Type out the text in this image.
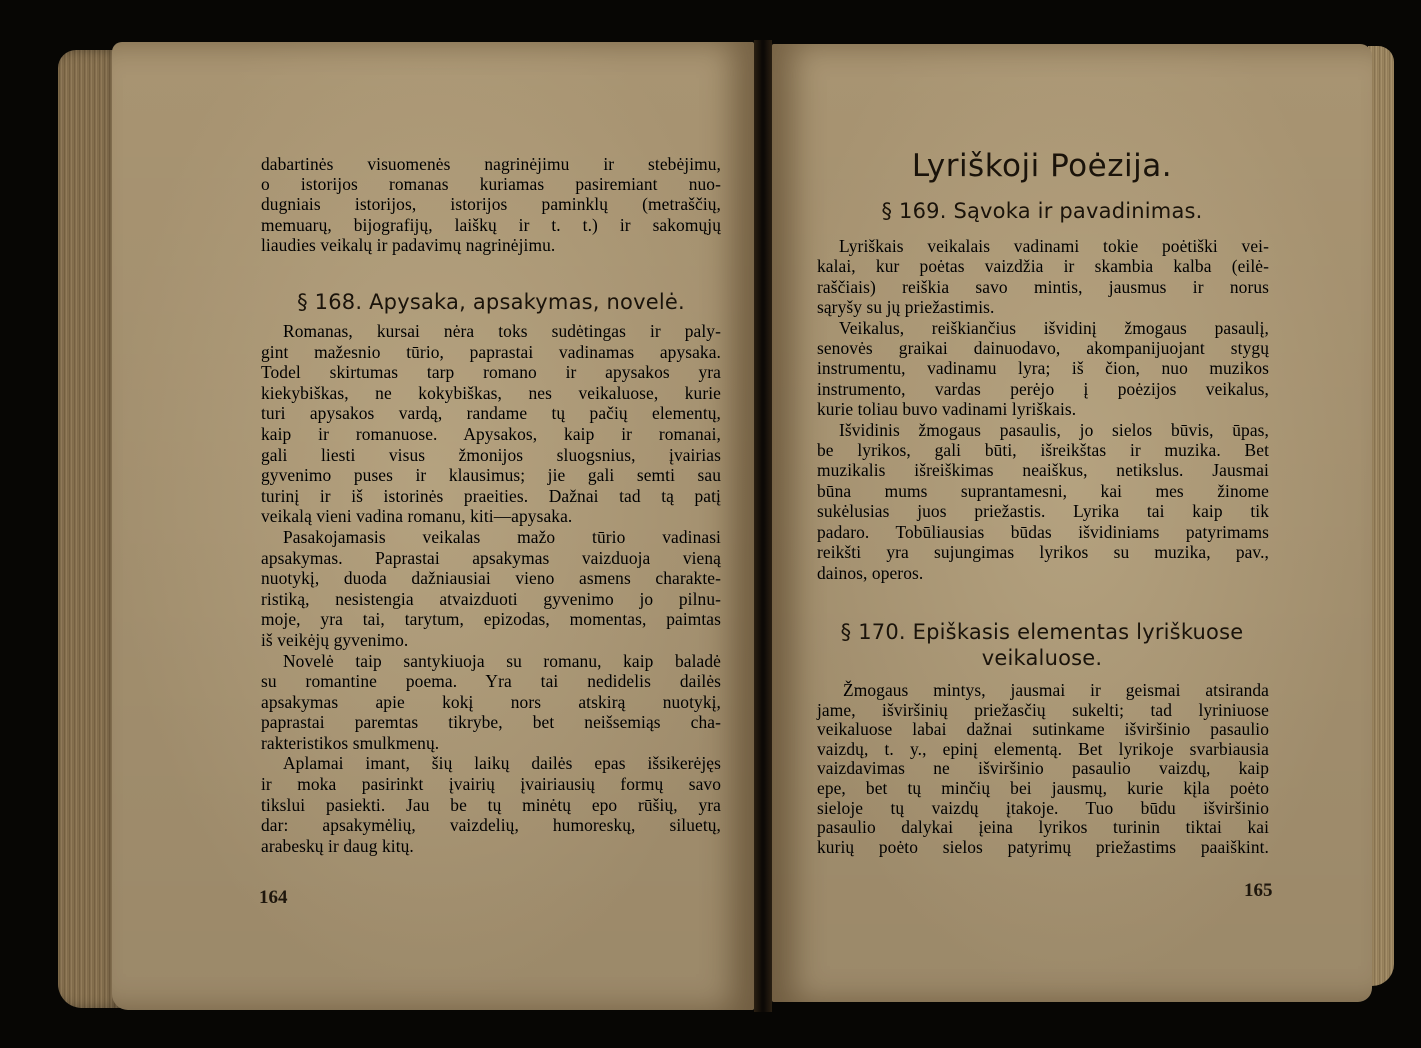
dabartinės visuomenės nagrinėjimu ir stebėjimu,
o istorijos romanas kuriamas pasiremiant nuo-
dugniais istorijos, istorijos paminklų (metraščių,
memuarų, bijografijų, laiškų ir t. t.) ir sakomųjų
liaudies veikalų ir padavimų nagrinėjimu.
§ 168. Apysaka, apsakymas, novelė.
Romanas, kursai nėra toks sudėtingas ir paly-
gint mažesnio tūrio, paprastai vadinamas apysaka.
Todel skirtumas tarp romano ir apysakos yra
kiekybiškas, ne kokybiškas, nes veikaluose, kurie
turi apysakos vardą, randame tų pačių elementų,
kaip ir romanuose. Apysakos, kaip ir romanai,
gali liesti visus žmonijos sluogsnius, įvairias
gyvenimo puses ir klausimus; jie gali semti sau
turinį ir iš istorinės praeities. Dažnai tad tą patį
veikalą vieni vadina romanu, kiti—apysaka.
Pasakojamasis veikalas mažo tūrio vadinasi
apsakymas. Paprastai apsakymas vaizduoja vieną
nuotykį, duoda dažniausiai vieno asmens charakte-
ristiką, nesistengia atvaizduoti gyvenimo jo pilnu-
moje, yra tai, tarytum, epizodas, momentas, paimtas
iš veikėjų gyvenimo.
Novelė taip santykiuoja su romanu, kaip baladė
su romantine poema. Yra tai nedidelis dailės
apsakymas apie kokį nors atskirą nuotykį,
paprastai paremtas tikrybe, bet neišsemiąs cha-
rakteristikos smulkmenų.
Aplamai imant, šių laikų dailės epas išsikerėjęs
ir moka pasirinkt įvairių įvairiausių formų savo
tikslui pasiekti. Jau be tų minėtų epo rūšių, yra
dar: apsakymėlių, vaizdelių, humoreskų, siluetų,
arabeskų ir daug kitų.
164
Lyriškoji Poėzija.
§ 169. Sąvoka ir pavadinimas.
Lyriškais veikalais vadinami tokie poėtiški vei-
kalai, kur poėtas vaizdžia ir skambia kalba (eilė-
raščiais) reiškia savo mintis, jausmus ir norus
sąryšy su jų priežastimis.
Veikalus, reiškiančius išvidinį žmogaus pasaulį,
senovės graikai dainuodavo, akompanijuojant stygų
instrumentu, vadinamu lyra; iš čion, nuo muzikos
instrumento, vardas perėjo į poėzijos veikalus,
kurie toliau buvo vadinami lyriškais.
Išvidinis žmogaus pasaulis, jo sielos būvis, ūpas,
be lyrikos, gali būti, išreikštas ir muzika. Bet
muzikalis išreiškimas neaiškus, netikslus. Jausmai
būna mums suprantamesni, kai mes žinome
sukėlusias juos priežastis. Lyrika tai kaip tik
padaro. Tobūliausias būdas išvidiniams patyrimams
reikšti yra sujungimas lyrikos su muzika, pav.,
dainos, operos.
§ 170. Epiškasis elementas lyriškuose
veikaluose.
Žmogaus mintys, jausmai ir geismai atsiranda
jame, išviršinių priežasčių sukelti; tad lyriniuose
veikaluose labai dažnai sutinkame išviršinio pasaulio
vaizdų, t. y., epinį elementą. Bet lyrikoje svarbiausia
vaizdavimas ne išviršinio pasaulio vaizdų, kaip
epe, bet tų minčių bei jausmų, kurie kįla poėto
sieloje tų vaizdų įtakoje. Tuo būdu išviršinio
pasaulio dalykai įeina lyrikos turinin tiktai kai
kurių poėto sielos patyrimų priežastims paaiškint.
165
